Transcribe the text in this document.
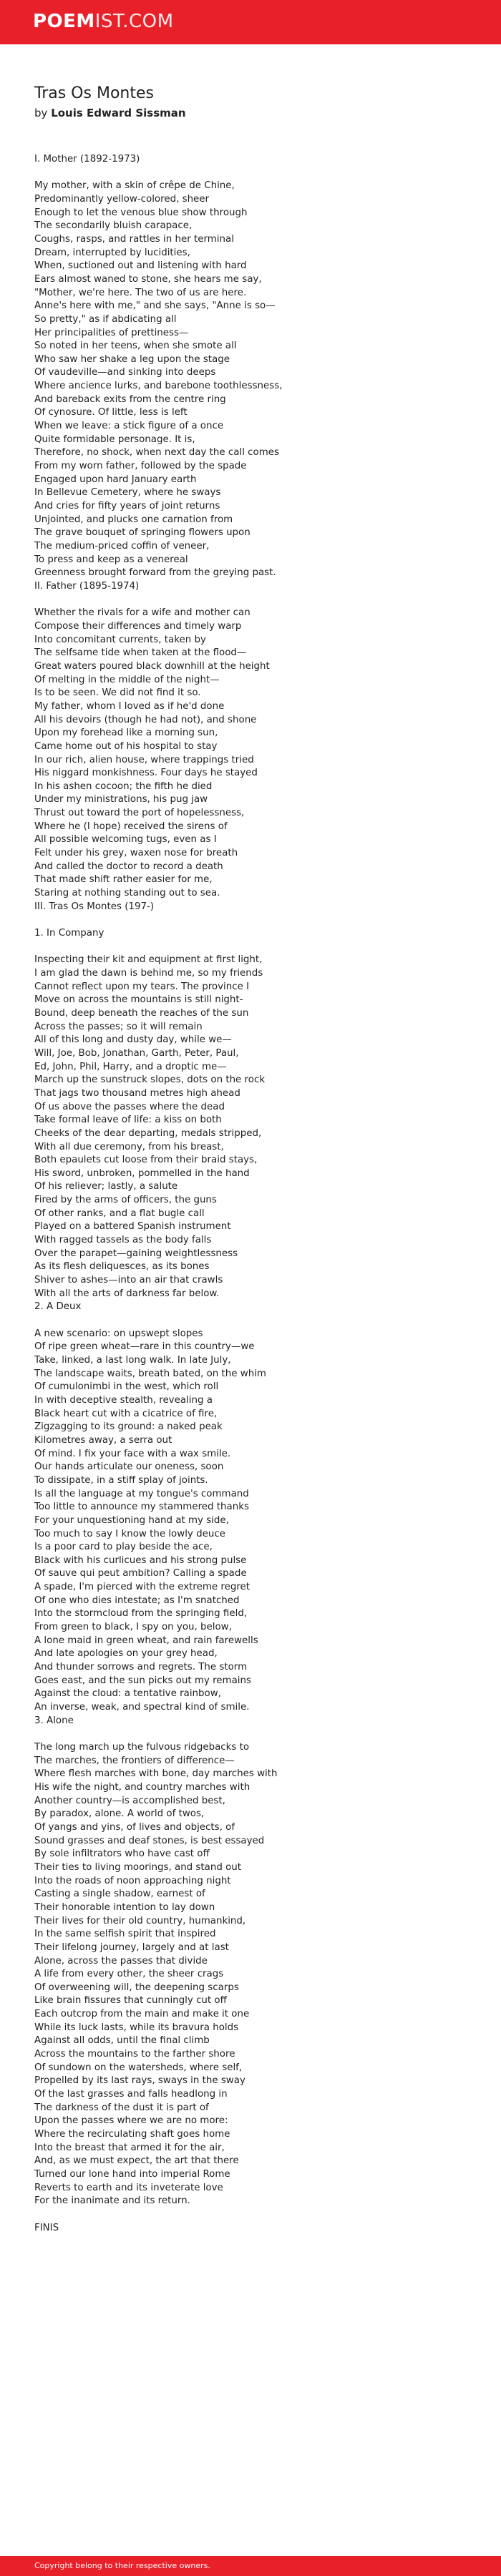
POEMIST.COM
Tras Os Montes
by Louis Edward Sissman
I. Mother (1892-1973)
My mother, with a skin of crêpe de Chine,
Predominantly yellow-colored, sheer
Enough to let the venous blue show through
The secondarily bluish carapace,
Coughs, rasps, and rattles in her terminal
Dream, interrupted by lucidities,
When, suctioned out and listening with hard
Ears almost waned to stone, she hears me say,
"Mother, we're here. The two of us are here.
Anne's here with me," and she says, "Anne is so—
So pretty," as if abdicating all
Her principalities of prettiness—
So noted in her teens, when she smote all
Who saw her shake a leg upon the stage
Of vaudeville—and sinking into deeps
Where ancience lurks, and barebone toothlessness,
And bareback exits from the centre ring
Of cynosure. Of little, less is left
When we leave: a stick figure of a once
Quite formidable personage. It is,
Therefore, no shock, when next day the call comes
From my worn father, followed by the spade
Engaged upon hard January earth
In Bellevue Cemetery, where he sways
And cries for fifty years of joint returns
Unjointed, and plucks one carnation from
The grave bouquet of springing flowers upon
The medium-priced coffin of veneer,
To press and keep as a venereal
Greenness brought forward from the greying past.
II. Father (1895-1974)
Whether the rivals for a wife and mother can
Compose their differences and timely warp
Into concomitant currents, taken by
The selfsame tide when taken at the flood—
Great waters poured black downhill at the height
Of melting in the middle of the night—
Is to be seen. We did not find it so.
My father, whom I loved as if he'd done
All his devoirs (though he had not), and shone
Upon my forehead like a morning sun,
Came home out of his hospital to stay
In our rich, alien house, where trappings tried
His niggard monkishness. Four days he stayed
In his ashen cocoon; the fifth he died
Under my ministrations, his pug jaw
Thrust out toward the port of hopelessness,
Where he (I hope) received the sirens of
All possible welcoming tugs, even as I
Felt under his grey, waxen nose for breath
And called the doctor to record a death
That made shift rather easier for me,
Staring at nothing standing out to sea.
III. Tras Os Montes (197-)
1. In Company
Inspecting their kit and equipment at first light,
I am glad the dawn is behind me, so my friends
Cannot reflect upon my tears. The province I
Move on across the mountains is still night-
Bound, deep beneath the reaches of the sun
Across the passes; so it will remain
All of this long and dusty day, while we—
Will, Joe, Bob, Jonathan, Garth, Peter, Paul,
Ed, John, Phil, Harry, and a droptic me—
March up the sunstruck slopes, dots on the rock
That jags two thousand metres high ahead
Of us above the passes where the dead
Take formal leave of life: a kiss on both
Cheeks of the dear departing, medals stripped,
With all due ceremony, from his breast,
Both epaulets cut loose from their braid stays,
His sword, unbroken, pommelled in the hand
Of his reliever; lastly, a salute
Fired by the arms of officers, the guns
Of other ranks, and a flat bugle call
Played on a battered Spanish instrument
With ragged tassels as the body falls
Over the parapet—gaining weightlessness
As its flesh deliquesces, as its bones
Shiver to ashes—into an air that crawls
With all the arts of darkness far below.
2. A Deux
A new scenario: on upswept slopes
Of ripe green wheat—rare in this country—we
Take, linked, a last long walk. In late July,
The landscape waits, breath bated, on the whim
Of cumulonimbi in the west, which roll
In with deceptive stealth, revealing a
Black heart cut with a cicatrice of fire,
Zigzagging to its ground: a naked peak
Kilometres away, a serra out
Of mind. I fix your face with a wax smile.
Our hands articulate our oneness, soon
To dissipate, in a stiff splay of joints.
Is all the language at my tongue's command
Too little to announce my stammered thanks
For your unquestioning hand at my side,
Too much to say I know the lowly deuce
Is a poor card to play beside the ace,
Black with his curlicues and his strong pulse
Of sauve qui peut ambition? Calling a spade
A spade, I'm pierced with the extreme regret
Of one who dies intestate; as I'm snatched
Into the stormcloud from the springing field,
From green to black, I spy on you, below,
A lone maid in green wheat, and rain farewells
And late apologies on your grey head,
And thunder sorrows and regrets. The storm
Goes east, and the sun picks out my remains
Against the cloud: a tentative rainbow,
An inverse, weak, and spectral kind of smile.
3. Alone
The long march up the fulvous ridgebacks to
The marches, the frontiers of difference—
Where flesh marches with bone, day marches with
His wife the night, and country marches with
Another country—is accomplished best,
By paradox, alone. A world of twos,
Of yangs and yins, of lives and objects, of
Sound grasses and deaf stones, is best essayed
By sole infiltrators who have cast off
Their ties to living moorings, and stand out
Into the roads of noon approaching night
Casting a single shadow, earnest of
Their honorable intention to lay down
Their lives for their old country, humankind,
In the same selfish spirit that inspired
Their lifelong journey, largely and at last
Alone, across the passes that divide
A life from every other, the sheer crags
Of overweening will, the deepening scarps
Like brain fissures that cunningly cut off
Each outcrop from the main and make it one
While its luck lasts, while its bravura holds
Against all odds, until the final climb
Across the mountains to the farther shore
Of sundown on the watersheds, where self,
Propelled by its last rays, sways in the sway
Of the last grasses and falls headlong in
The darkness of the dust it is part of
Upon the passes where we are no more:
Where the recirculating shaft goes home
Into the breast that armed it for the air,
And, as we must expect, the art that there
Turned our lone hand into imperial Rome
Reverts to earth and its inveterate love
For the inanimate and its return.
FINIS
Copyright belong to their respective owners.
